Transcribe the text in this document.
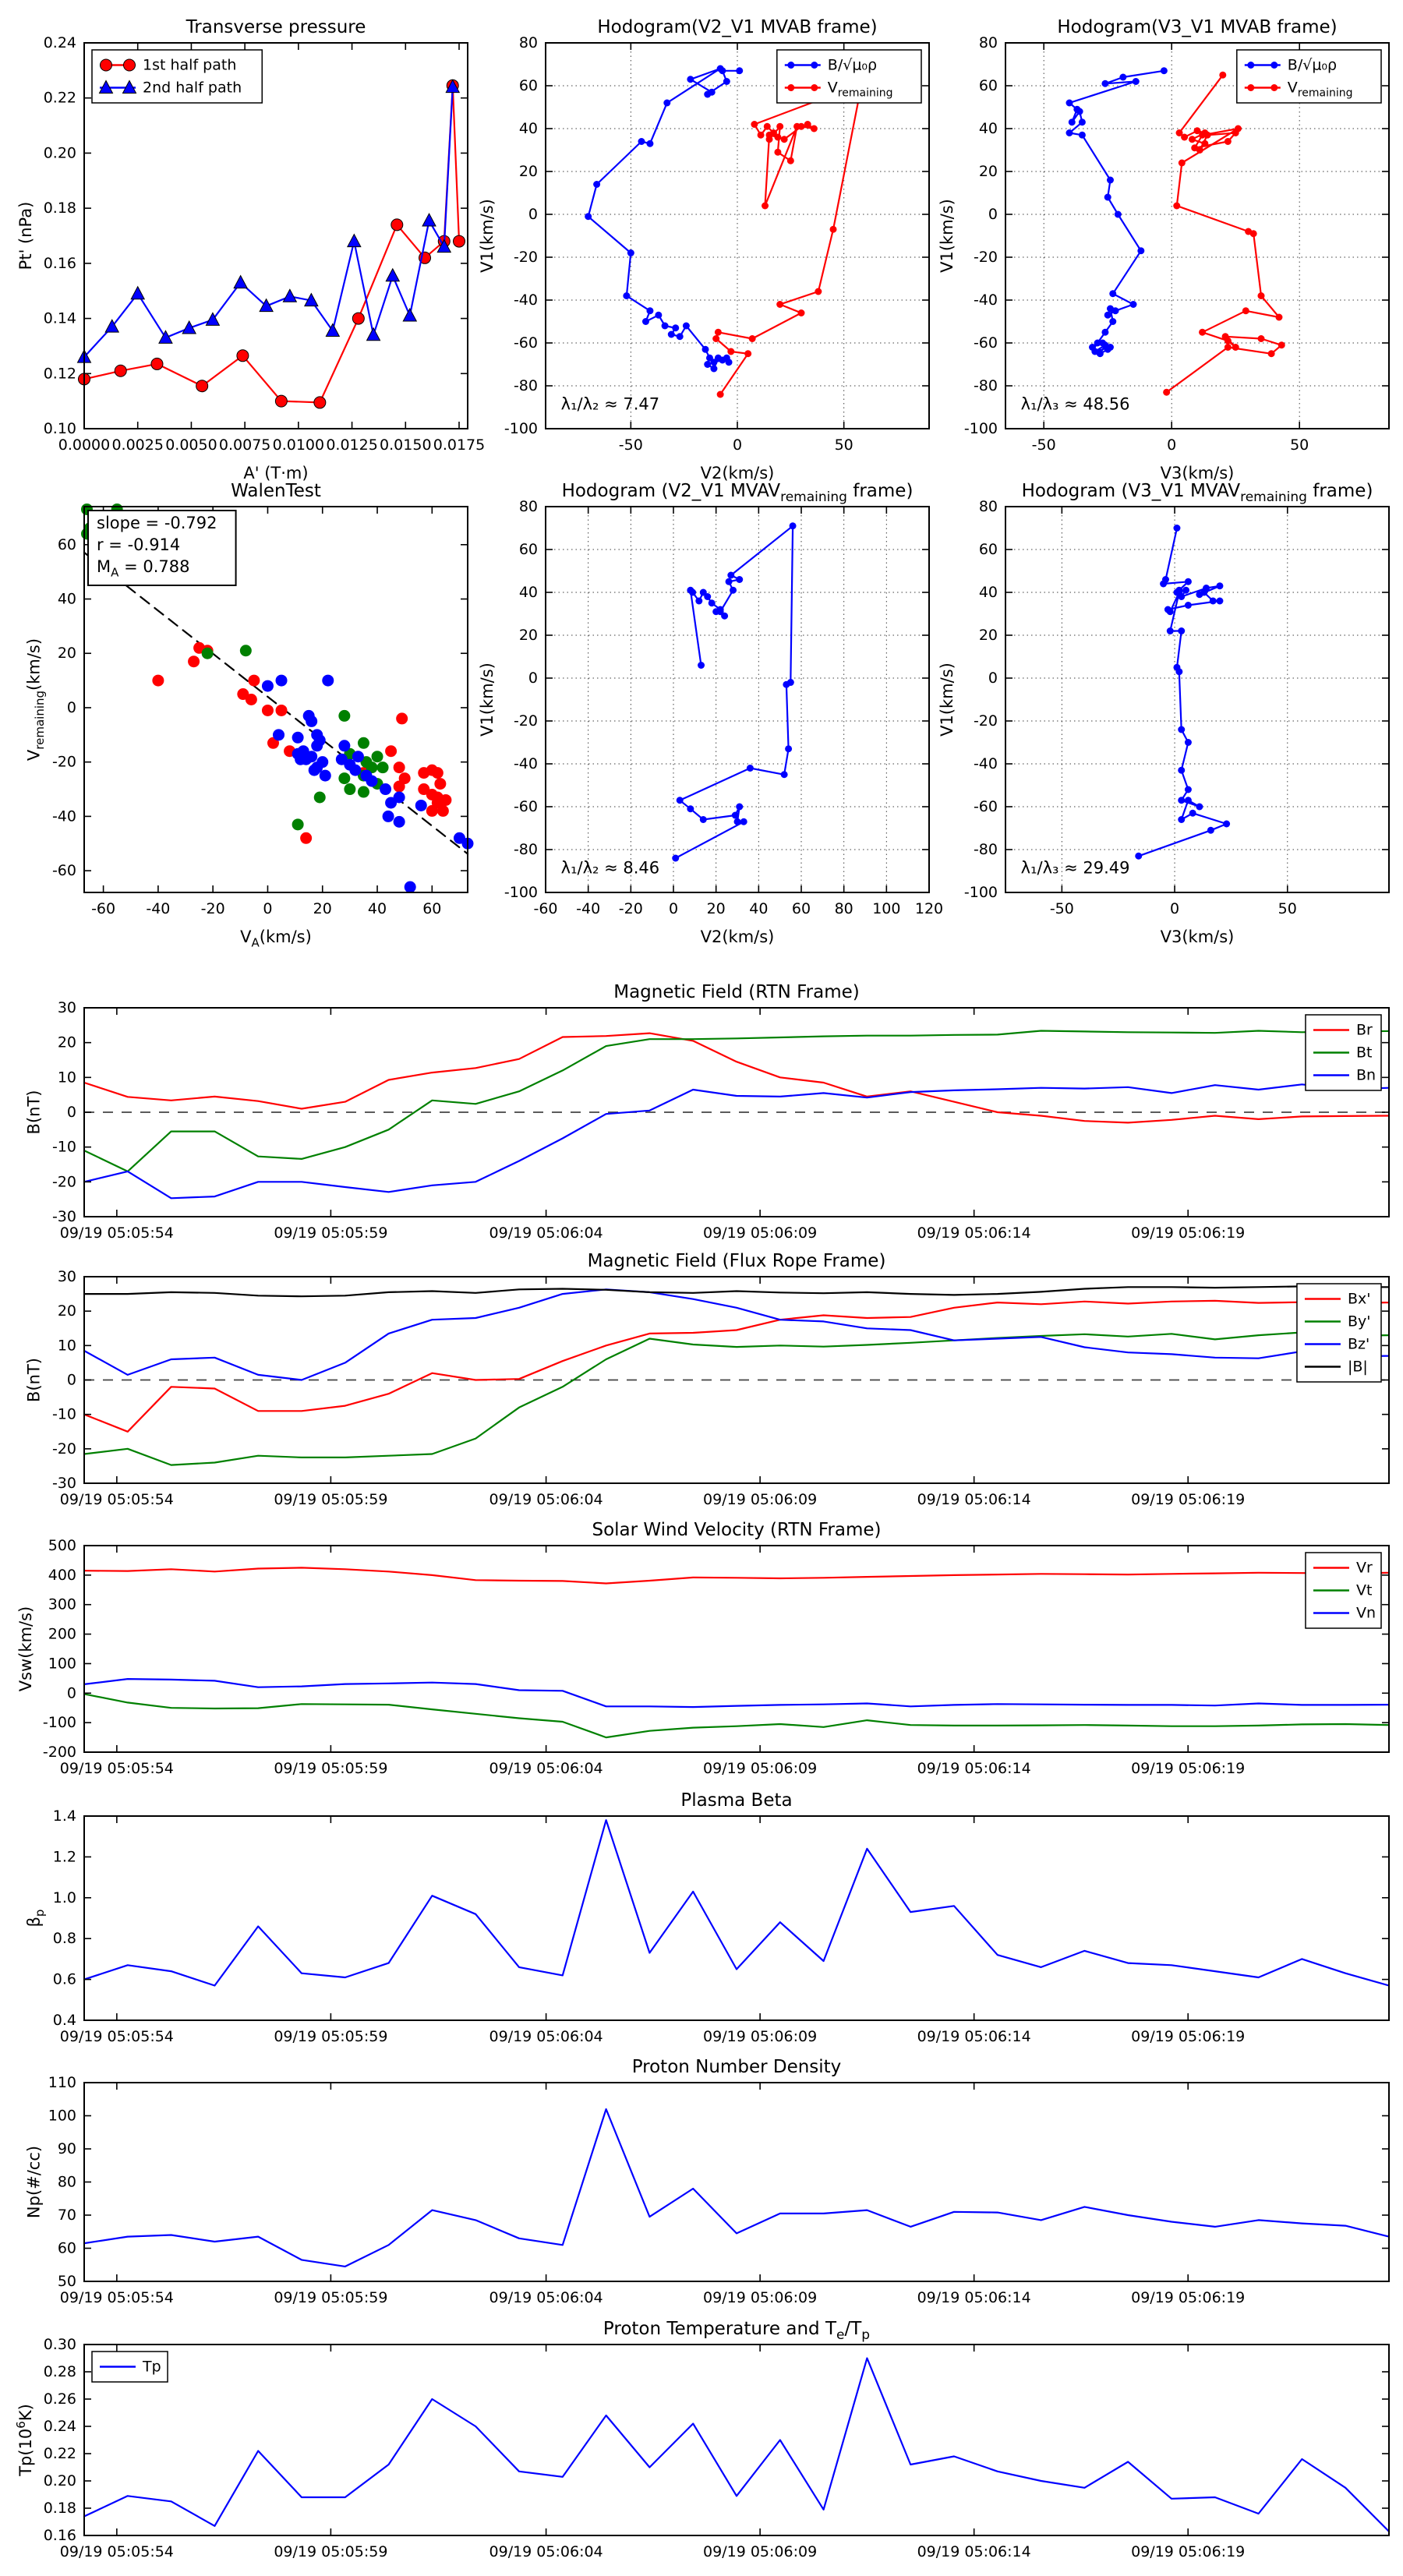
0.0000 0.0025 0.0050 0.0075 0.0100 0.0125 0.0150 0.0175
0.10
0.12
0.14
0.16
0.18
0.20
0.22
0.24
Transverse pressure
A' (T·m)
Pt' (nPa)
1st half path
2nd half path
-50	0	50
-100
-80
-60
-40
-20
0
20
40
60
80
Hodogram(V2_V1 MVAB frame)
V2(km/s)
V1(km/s)
B/√μ₀ρ
$V_{remaining}$
λ₁/λ₂ ≈ 7.47
-50	0	50
-100
-80
-60
-40
-20
0
20
40
60
80
Hodogram(V3_V1 MVAB frame)
V3(km/s)
V1(km/s)
B/√μ₀ρ
$V_{remaining}$
λ₁/λ₃ ≈ 48.56
-60 -40 -20	0	20 40 60
-60
-40
-20
0
20
40
60
WalenTest
$V_A(km/s)$
$V_{remaining}(km/s)$
slope = -0.792
r = -0.914
$M_A = 0.788$
-60 -40 -20 0 20 40 60 80 100 120
-100
-80
-60
-40
-20
0
20
40
60
80
Hodogram (V2_V1 $MVAV_{remaining}$ frame)
V2(km/s)
V1(km/s)
λ₁/λ₂ ≈ 8.46
-50	0	50
-100
-80
-60
-40
-20
0
20
40
60
80
Hodogram (V3_V1 $MVAV_{remaining}$ frame)
V3(km/s)
V1(km/s)
λ₁/λ₃ ≈ 29.49
09/19 05:05:54	09/19 05:05:59	09/19 05:06:04	09/19 05:06:09	09/19 05:06:14	09/19 05:06:19
-30
-20
-10
0
10
20
30
Magnetic Field (RTN Frame)
B(nT)
Br
Bt
Bn
09/19 05:05:54	09/19 05:05:59	09/19 05:06:04	09/19 05:06:09	09/19 05:06:14	09/19 05:06:19
-30
-20
-10
0
10
20
30
Magnetic Field (Flux Rope Frame)
B(nT)
Bx'
By'
Bz'
|B|
09/19 05:05:54	09/19 05:05:59	09/19 05:06:04	09/19 05:06:09	09/19 05:06:14	09/19 05:06:19
-200
-100
0
100
200
300
400
500
Solar Wind Velocity (RTN Frame)
Vsw(km/s)
Vr
Vt
Vn
09/19 05:05:54	09/19 05:05:59	09/19 05:06:04	09/19 05:06:09	09/19 05:06:14	09/19 05:06:19
0.4
0.6
0.8
1.0
1.2
1.4
Plasma Beta
$\beta_p$
09/19 05:05:54	09/19 05:05:59	09/19 05:06:04	09/19 05:06:09	09/19 05:06:14	09/19 05:06:19
50
60
70
80
90
100
110
Proton Number Density
Np(#/cc)
09/19 05:05:54	09/19 05:05:59	09/19 05:06:04	09/19 05:06:09	09/19 05:06:14	09/19 05:06:19
0.16
0.18
0.20
0.22
0.24
0.26
0.28
0.30
Proton Temperature and $T_e/T_p$
$Tp(10^6K)$
Tp
